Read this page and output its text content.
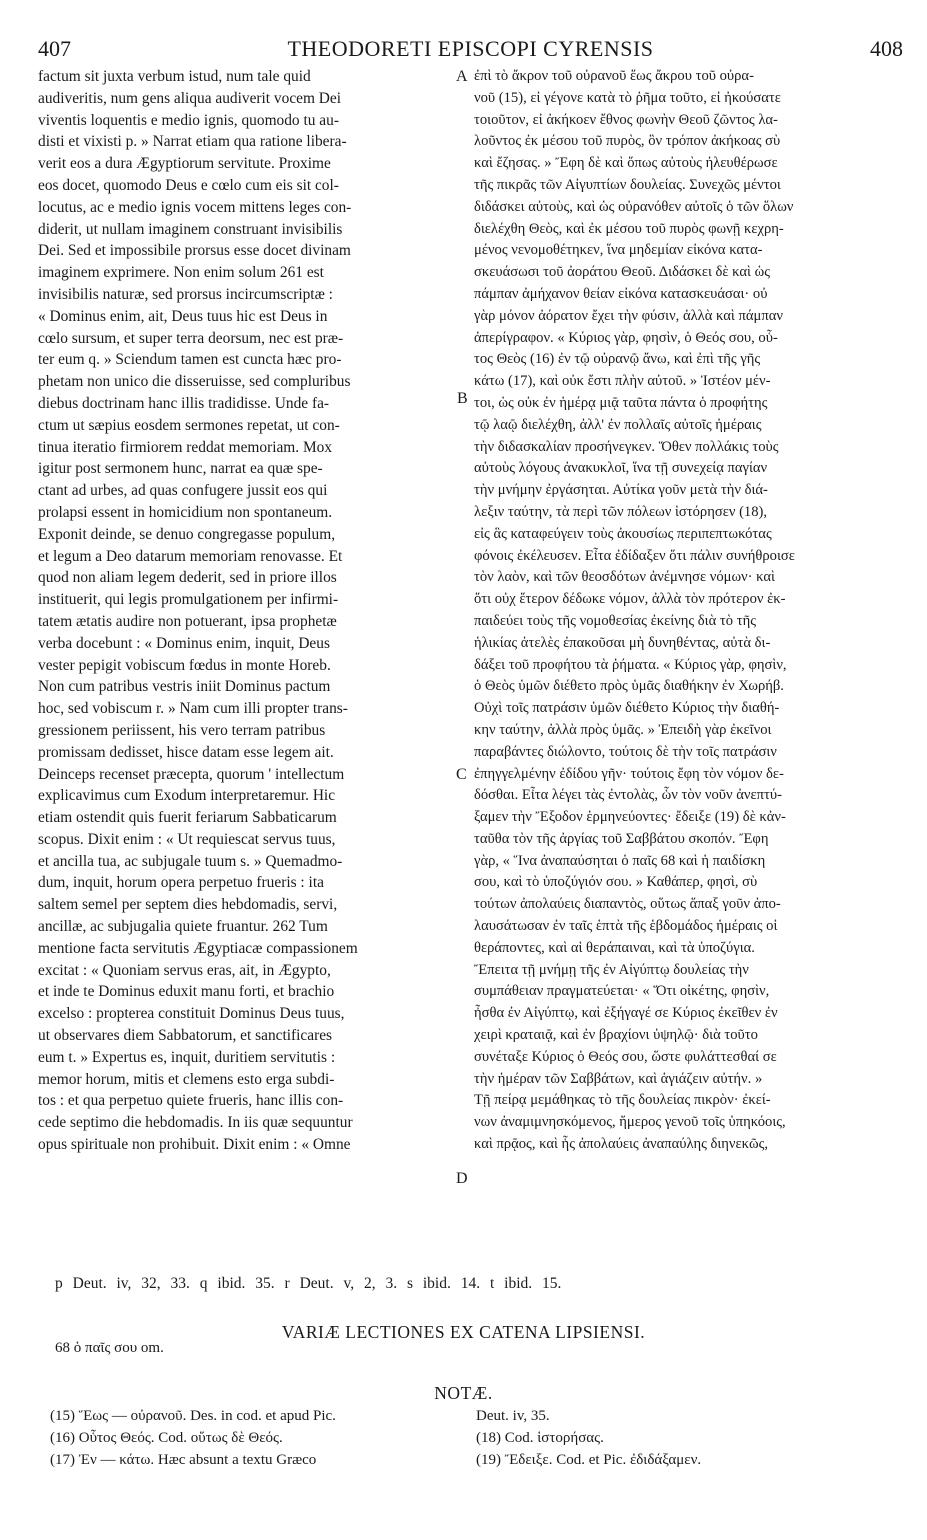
407	THEODORETI EPISCOPI CYRENSIS	408
factum sit juxta verbum istud, num tale quid
audiveritis, num gens aliqua audiverit vocem Dei
viventis loquentis e medio ignis, quomodo tu au-
disti et vixisti p. » Narrat etiam qua ratione libera-
verit eos a dura Ægyptiorum servitute. Proxime
eos docet, quomodo Deus e cœlo cum eis sit col-
locutus, ac e medio ignis vocem mittens leges con-
diderit, ut nullam imaginem construant invisibilis
Dei. Sed et impossibile prorsus esse docet divinam
imaginem exprimere. Non enim solum 261 est
invisibilis naturæ, sed prorsus incircumscriptæ :
« Dominus enim, ait, Deus tuus hic est Deus in
cœlo sursum, et super terra deorsum, nec est præ-
ter eum q. » Sciendum tamen est cuncta hæc pro-
phetam non unico die disseruisse, sed compluribus
diebus doctrinam hanc illis tradidisse. Unde fa-
ctum ut sæpius eosdem sermones repetat, ut con-
tinua iteratio firmiorem reddat memoriam. Mox
igitur post sermonem hunc, narrat ea quæ spe-
ctant ad urbes, ad quas confugere jussit eos qui
prolapsi essent in homicidium non spontaneum.
Exponit deinde, se denuo congregasse populum,
et legum a Deo datarum memoriam renovasse. Et
quod non aliam legem dederit, sed in priore illos
instituerit, qui legis promulgationem per infirmi-
tatem ætatis audire non potuerant, ipsa prophetæ
verba docebunt : « Dominus enim, inquit, Deus
vester pepigit vobiscum fœdus in monte Horeb.
Non cum patribus vestris iniit Dominus pactum
hoc, sed vobiscum r. » Nam cum illi propter trans-
gressionem periissent, his vero terram patribus
promissam dedisset, hisce datam esse legem ait.
Deinceps recenset præcepta, quorum ' intellectum
explicavimus cum Exodum interpretaremur. Hic
etiam ostendit quis fuerit feriarum Sabbaticarum
scopus. Dixit enim : « Ut requiescat servus tuus,
et ancilla tua, ac subjugale tuum s. » Quemadmo-
dum, inquit, horum opera perpetuo frueris : ita
saltem semel per septem dies hebdomadis, servi,
ancillæ, ac subjugalia quiete fruantur. 262 Tum
mentione facta servitutis Ægyptiacæ compassionem
excitat : « Quoniam servus eras, ait, in Ægypto,
et inde te Dominus eduxit manu forti, et brachio
excelso : propterea constituit Dominus Deus tuus,
ut observares diem Sabbatorum, et sanctificares
eum t. » Expertus es, inquit, duritiem servitutis :
memor horum, mitis et clemens esto erga subdi-
tos : et qua perpetuo quiete frueris, hanc illis con-
cede septimo die hebdomadis. In iis quæ sequuntur
opus spirituale non prohibuit. Dixit enim : « Omne
ἐπὶ τὸ ἄκρον τοῦ οὐρανοῦ ἕως ἄκρου τοῦ οὐρα-
νοῦ (15), εἰ γέγονε κατὰ τὸ ῥῆμα τοῦτο, εἰ ἠκούσατε
τοιοῦτον, εἰ ἀκήκοεν ἔθνος φωνὴν Θεοῦ ζῶντος λα-
λοῦντος ἐκ μέσου τοῦ πυρὸς, ὃν τρόπον ἀκήκοας σὺ
καὶ ἔζησας. » Ἔφη δὲ καὶ ὅπως αὐτοὺς ἠλευθέρωσε
τῆς πικρᾶς τῶν Αἰγυπτίων δουλείας. Συνεχῶς μέντοι
διδάσκει αὐτοὺς, καὶ ὡς οὐρανόθεν αὐτοῖς ὁ τῶν ὅλων
διελέχθη Θεὸς, καὶ ἐκ μέσου τοῦ πυρὸς φωνῇ κεχρη-
μένος νενομοθέτηκεν, ἵνα μηδεμίαν εἰκόνα κατα-
σκευάσωσι τοῦ ἀοράτου Θεοῦ. Διδάσκει δὲ καὶ ὡς
πάμπαν ἀμήχανον θείαν εἰκόνα κατασκευάσαι· οὐ
γὰρ μόνον ἀόρατον ἔχει τὴν φύσιν, ἀλλὰ καὶ πάμπαν
ἀπερίγραφον. « Κύριος γὰρ, φησὶν, ὁ Θεός σου, οὗ-
τος Θεὸς (16) ἐν τῷ οὐρανῷ ἄνω, καὶ ἐπὶ τῆς γῆς
κάτω (17), καὶ οὐκ ἔστι πλὴν αὐτοῦ. » Ἰστέον μέν-
τοι, ὡς οὐκ ἐν ἡμέρᾳ μιᾷ ταῦτα πάντα ὁ προφήτης
τῷ λαῷ διελέχθη, ἀλλ' ἐν πολλαῖς αὐτοῖς ἡμέραις
τὴν διδασκαλίαν προσήνεγκεν. Ὅθεν πολλάκις τοὺς
αὐτοὺς λόγους ἀνακυκλοῖ, ἵνα τῇ συνεχείᾳ παγίαν
τὴν μνήμην ἐργάσηται. Αὐτίκα γοῦν μετὰ τὴν διά-
λεξιν ταύτην, τὰ περὶ τῶν πόλεων ἱστόρησεν (18),
εἰς ἃς καταφεύγειν τοὺς ἀκουσίως περιπεπτωκότας
φόνοις ἐκέλευσεν. Εἶτα ἐδίδαξεν ὅτι πάλιν συνήθροισε
τὸν λαὸν, καὶ τῶν θεοσδότων ἀνέμνησε νόμων· καὶ
ὅτι οὐχ ἕτερον δέδωκε νόμον, ἀλλὰ τὸν πρότερον ἐκ-
παιδεύει τοὺς τῆς νομοθεσίας ἐκείνης διὰ τὸ τῆς
ἡλικίας ἀτελὲς ἐπακοῦσαι μὴ δυνηθέντας, αὐτὰ δι-
δάξει τοῦ προφήτου τὰ ῥήματα. « Κύριος γὰρ, φησὶν,
ὁ Θεὸς ὑμῶν διέθετο πρὸς ὑμᾶς διαθήκην ἐν Χωρήβ.
Οὐχὶ τοῖς πατράσιν ὑμῶν διέθετο Κύριος τὴν διαθή-
κην ταύτην, ἀλλὰ πρὸς ὑμᾶς. » Ἐπειδὴ γὰρ ἐκεῖνοι
παραβάντες διώλοντο, τούτοις δὲ τὴν τοῖς πατράσιν
ἐπηγγελμένην ἐδίδου γῆν· τούτοις ἔφη τὸν νόμον δε-
δόσθαι. Εἶτα λέγει τὰς ἐντολὰς, ὧν τὸν νοῦν ἀνεπτύ-
ξαμεν τὴν Ἔξοδον ἑρμηνεύοντες· ἔδειξε (19) δὲ κἀν-
ταῦθα τὸν τῆς ἀργίας τοῦ Σαββάτου σκοπόν. Ἔφη
γὰρ, « Ἵνα ἀναπαύσηται ὁ παῖς 68 καὶ ἡ παιδίσκη
σου, καὶ τὸ ὑποζύγιόν σου. » Καθάπερ, φησὶ, σὺ
τούτων ἀπολαύεις διαπαντὸς, οὕτως ἅπαξ γοῦν ἀπο-
λαυσάτωσαν ἐν ταῖς ἑπτὰ τῆς ἑβδομάδος ἡμέραις οἱ
θεράποντες, καὶ αἱ θεράπαιναι, καὶ τὰ ὑποζύγια.
Ἔπειτα τῇ μνήμῃ τῆς ἐν Αἰγύπτῳ δουλείας τὴν
συμπάθειαν πραγματεύεται· « Ὅτι οἰκέτης, φησὶν,
ἦσθα ἐν Αἰγύπτῳ, καὶ ἐξήγαγέ σε Κύριος ἐκεῖθεν ἐν
χειρὶ κραταιᾷ, καὶ ἐν βραχίονι ὑψηλῷ· διὰ τοῦτο
συνέταξε Κύριος ὁ Θεός σου, ὥστε φυλάττεσθαί σε
τὴν ἡμέραν τῶν Σαββάτων, καὶ ἁγιάζειν αὐτήν. »
Τῇ πείρᾳ μεμάθηκας τὸ τῆς δουλείας πικρὸν· ἐκεί-
νων ἀναμιμνησκόμενος, ἥμερος γενοῦ τοῖς ὑπηκόοις,
καὶ πρᾷος, καὶ ἧς ἀπολαύεις ἀναπαύλης διηνεκῶς,
A
B
C
D
p Deut. iv, 32, 33. q ibid. 35. r Deut. v, 2, 3. s ibid. 14. t ibid. 15.
VARIÆ LECTIONES EX CATENA LIPSIENSI.
68 ὁ παῖς σου om.
NOTÆ.
(15) Ἕως — οὐρανοῦ. Des. in cod. et apud Pic.
(16) Οὗτος Θεός. Cod. οὕτως δὲ Θεός.
(17) Ἐν — κάτω. Hæc absunt a textu Græco
Deut. iv, 35.
(18) Cod. ἱστορήσας.
(19) Ἔδειξε. Cod. et Pic. ἐδιδάξαμεν.
